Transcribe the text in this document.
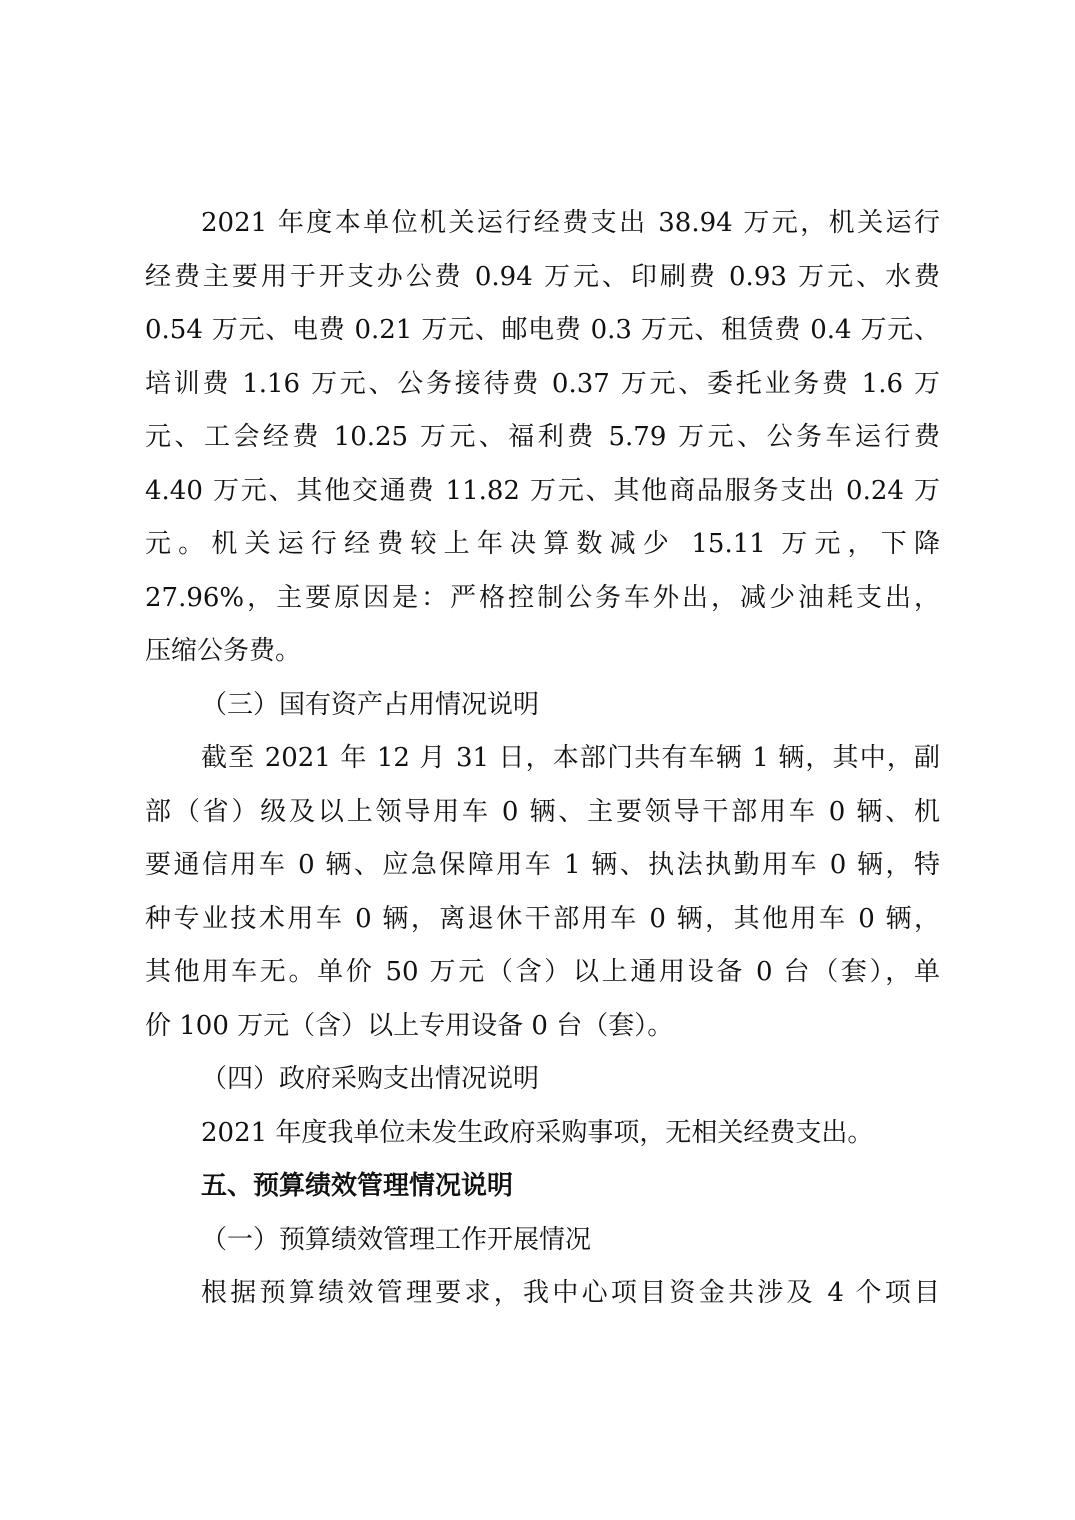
2021 年度本单位机关运行经费支出 38.94 万元，机关运行
经费主要用于开支办公费 0.94 万元、印刷费 0.93 万元、水费
0.54 万元、电费 0.21 万元、邮电费 0.3 万元、租赁费 0.4 万元、
培训费 1.16 万元、公务接待费 0.37 万元、委托业务费 1.6 万
元、工会经费 10.25 万元、福利费 5.79 万元、公务车运行费
4.40 万元、其他交通费 11.82 万元、其他商品服务支出 0.24 万
元。机关运行经费较上年决算数减少 15.11 万元，下降
27.96%，主要原因是：严格控制公务车外出，减少油耗支出，
压缩公务费。
（三）国有资产占用情况说明
截至 2021 年 12 月 31 日，本部门共有车辆 1 辆，其中，副
部（省）级及以上领导用车 0 辆、主要领导干部用车 0 辆、机
要通信用车 0 辆、应急保障用车 1 辆、执法执勤用车 0 辆，特
种专业技术用车 0 辆，离退休干部用车 0 辆，其他用车 0 辆，
其他用车无。单价 50 万元（含）以上通用设备 0 台（套），单
价 100 万元（含）以上专用设备 0 台（套）。
（四）政府采购支出情况说明
2021 年度我单位未发生政府采购事项，无相关经费支出。
五、预算绩效管理情况说明
（一）预算绩效管理工作开展情况
根据预算绩效管理要求，我中心项目资金共涉及 4 个项目
